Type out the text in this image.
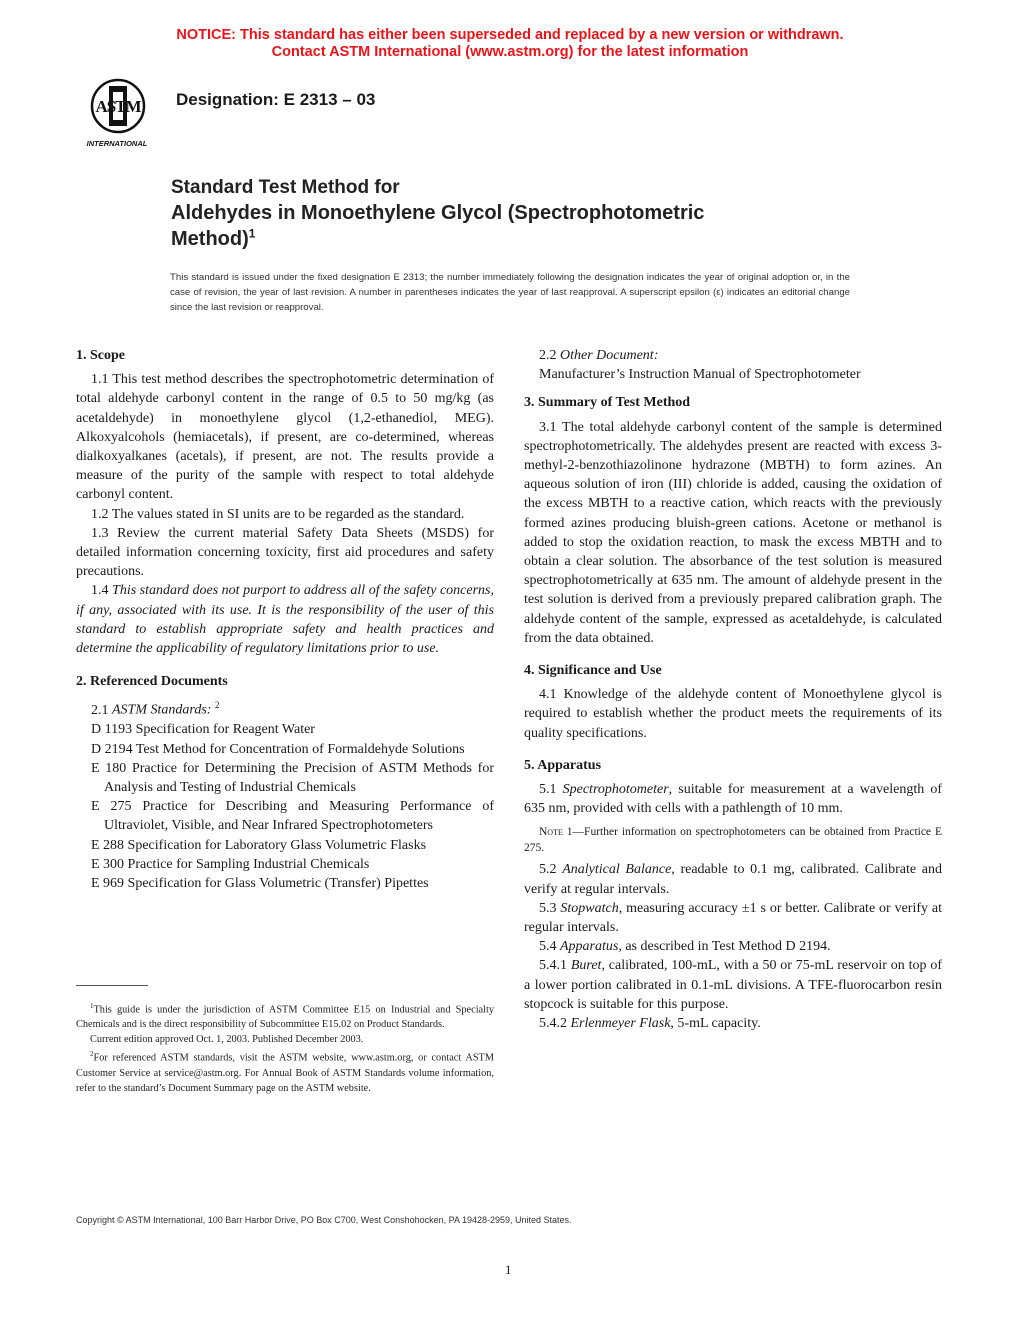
NOTICE: This standard has either been superseded and replaced by a new version or withdrawn.
Contact ASTM International (www.astm.org) for the latest information
ASTM
INTERNATIONAL
Designation: E 2313 – 03
Standard Test Method for
Aldehydes in Monoethylene Glycol (Spectrophotometric
Method)$^1$
This standard is issued under the fixed designation E 2313; the number immediately following the designation indicates the year of original adoption or, in the case of revision, the year of last revision. A number in parentheses indicates the year of last reapproval. A superscript epsilon (ε) indicates an editorial change since the last revision or reapproval.
1. Scope

1.1 This test method describes the spectrophotometric determination of total aldehyde carbonyl content in the range of 0.5 to 50 mg/kg (as acetaldehyde) in monoethylene glycol (1,2-ethanediol, MEG). Alkoxyalcohols (hemiacetals), if present, are co-determined, whereas dialkoxyalkanes (acetals), if present, are not. The results provide a measure of the purity of the sample with respect to total aldehyde carbonyl content.

1.2 The values stated in SI units are to be regarded as the standard.

1.3 Review the current material Safety Data Sheets (MSDS) for detailed information concerning toxicity, first aid procedures and safety precautions.

1.4 This standard does not purport to address all of the safety concerns, if any, associated with its use. It is the responsibility of the user of this standard to establish appropriate safety and health practices and determine the applicability of regulatory limitations prior to use.

2. Referenced Documents

2.1 ASTM Standards: $^2$

D 1193 Specification for Reagent Water

D 2194 Test Method for Concentration of Formaldehyde Solutions

E 180 Practice for Determining the Precision of ASTM Methods for Analysis and Testing of Industrial Chemicals

E 275 Practice for Describing and Measuring Performance of Ultraviolet, Visible, and Near Infrared Spectrophotometers

E 288 Specification for Laboratory Glass Volumetric Flasks

E 300 Practice for Sampling Industrial Chemicals

E 969 Specification for Glass Volumetric (Transfer) Pipettes

$^1$This guide is under the jurisdiction of ASTM Committee E15 on Industrial and Specialty Chemicals and is the direct responsibility of Subcommittee E15.02 on Product Standards.

Current edition approved Oct. 1, 2003. Published December 2003.

$^2$For referenced ASTM standards, visit the ASTM website, www.astm.org, or contact ASTM Customer Service at service@astm.org. For Annual Book of ASTM Standards volume information, refer to the standard’s Document Summary page on the ASTM website.

2.2 Other Document:

Manufacturer’s Instruction Manual of Spectrophotometer

3. Summary of Test Method

3.1 The total aldehyde carbonyl content of the sample is determined spectrophotometrically. The aldehydes present are reacted with excess 3-methyl-2-benzothiazolinone hydrazone (MBTH) to form azines. An aqueous solution of iron (III) chloride is added, causing the oxidation of the excess MBTH to a reactive cation, which reacts with the previously formed azines producing bluish-green cations. Acetone or methanol is added to stop the oxidation reaction, to mask the excess MBTH and to obtain a clear solution. The absorbance of the test solution is measured spectrophotometrically at 635 nm. The amount of aldehyde present in the test solution is derived from a previously prepared calibration graph. The aldehyde content of the sample, expressed as acetaldehyde, is calculated from the data obtained.

4. Significance and Use

4.1 Knowledge of the aldehyde content of Monoethylene glycol is required to establish whether the product meets the requirements of its quality specifications.

5. Apparatus

5.1 Spectrophotometer, suitable for measurement at a wavelength of 635 nm, provided with cells with a pathlength of 10 mm.

Note 1—Further information on spectrophotometers can be obtained from Practice E 275.

5.2 Analytical Balance, readable to 0.1 mg, calibrated. Calibrate and verify at regular intervals.

5.3 Stopwatch, measuring accuracy ±1 s or better. Calibrate or verify at regular intervals.

5.4 Apparatus, as described in Test Method D 2194.

5.4.1 Buret, calibrated, 100-mL, with a 50 or 75-mL reservoir on top of a lower portion calibrated in 0.1-mL divisions. A TFE-fluorocarbon resin stopcock is suitable for this purpose.

5.4.2 Erlenmeyer Flask, 5-mL capacity.

Copyright © ASTM International, 100 Barr Harbor Drive, PO Box C700, West Conshohocken, PA 19428-2959, United States.
1
